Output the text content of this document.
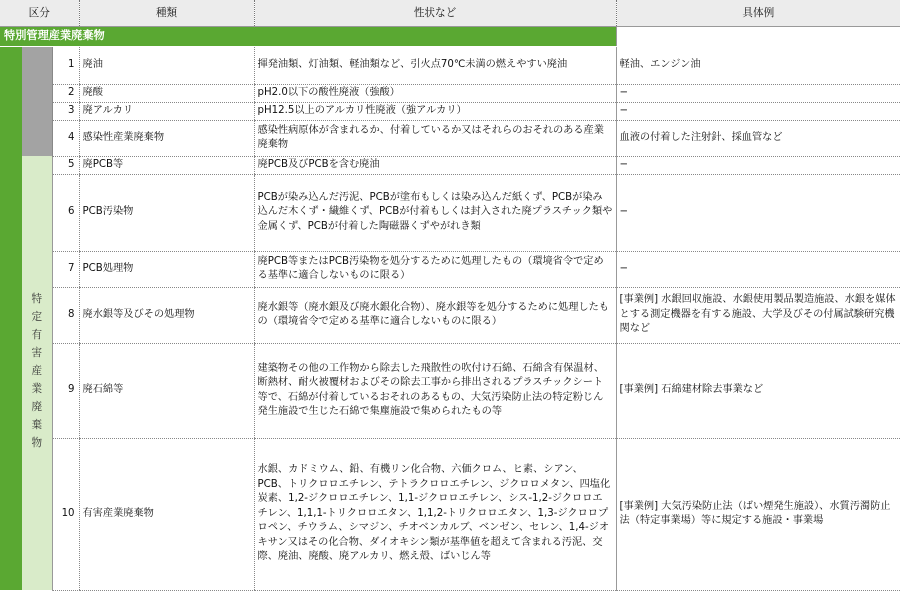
区分			種類	性状など	具体例
特別管理産業廃棄物					
		1	廃油	揮発油類、灯油類、軽油類など、引火点70℃未満の燃えやすい廃油	軽油、エンジン油
		2	廃酸	pH2.0以下の酸性廃液（強酸）	−
		3	廃アルカリ	pH12.5以上のアルカリ性廃液（強アルカリ）	−
		4	感染性産業廃棄物	感染性病原体が含まれるか、付着しているか又はそれらのおそれのある産業廃棄物	血液の付着した注射針、採血管など
	特定有害産業廃棄物	5	廃PCB等	廃PCB及びPCBを含む廃油	−
		6	PCB汚染物	PCBが染み込んだ汚泥、PCBが塗布もしくは染み込んだ紙くず、PCBが染み込んだ木くず・繊維くず、PCBが付着もしくは封入された廃プラスチック類や金属くず、PCBが付着した陶磁器くずやがれき類	−
		7	PCB処理物	廃PCB等またはPCB汚染物を処分するために処理したもの（環境省令で定める基準に適合しないものに限る）	−
		8	廃水銀等及びその処理物	廃水銀等（廃水銀及び廃水銀化合物）、廃水銀等を処分するために処理したもの（環境省令で定める基準に適合しないものに限る）	[事業例] 水銀回収施設、水銀使用製品製造施設、水銀を媒体とする測定機器を有する施設、大学及びその付属試験研究機関など
		9	廃石綿等	建築物その他の工作物から除去した飛散性の吹付け石綿、石綿含有保温材、断熱材、耐火被覆材およびその除去工事から排出されるプラスチックシート等で、石綿が付着しているおそれのあるもの、大気汚染防止法の特定粉じん発生施設で生じた石綿で集塵施設で集められたもの等	[事業例] 石綿建材除去事業など
		10	有害産業廃棄物	水銀、カドミウム、鉛、有機リン化合物、六価クロム、ヒ素、シアン、PCB、トリクロロエチレン、テトラクロロエチレン、ジクロロメタン、四塩化炭素、1,2-ジクロロエチレン、1,1-ジクロロエチレン、シス-1,2-ジクロロエチレン、1,1,1-トリクロロエタン、1,1,2-トリクロロエタン、1,3-ジクロロプロペン、チウラム、シマジン、チオベンカルブ、ベンゼン、セレン、1,4-ジオキサン又はその化合物、ダイオキシン類が基準値を超えて含まれる汚泥、交際、廃油、廃酸、廃アルカリ、燃え殻、ばいじん等	[事業例] 大気汚染防止法（ばい煙発生施設）、水質汚濁防止法（特定事業場）等に規定する施設・事業場
